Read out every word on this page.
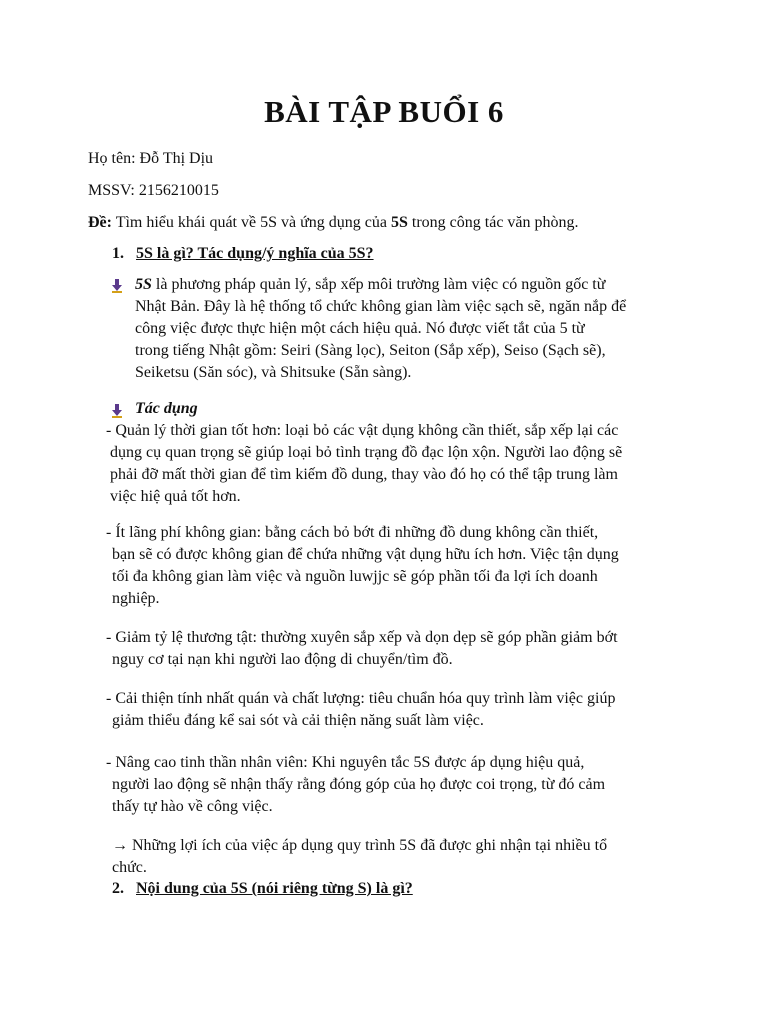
BÀI TẬP BUỔI 6
Họ tên: Đỗ Thị Dịu
MSSV: 2156210015
Đề: Tìm hiểu khái quát về 5S và ứng dụng của 5S trong công tác văn phòng.
1. 5S là gì? Tác dụng/ý nghĩa của 5S?
5S là phương pháp quản lý, sắp xếp môi trường làm việc có nguồn gốc từ
Nhật Bản. Đây là hệ thống tổ chức không gian làm việc sạch sẽ, ngăn nắp để
công việc được thực hiện một cách hiệu quả. Nó được viết tắt của 5 từ
trong tiếng Nhật gồm: Seiri (Sàng lọc), Seiton (Sắp xếp), Seiso (Sạch sẽ),
Seiketsu (Săn sóc), và Shitsuke (Sẵn sàng).
Tác dụng
- Quản lý thời gian tốt hơn: loại bỏ các vật dụng không cần thiết, sắp xếp lại các
dụng cụ quan trọng sẽ giúp loại bỏ tình trạng đồ đạc lộn xộn. Người lao động sẽ
phải đỡ mất thời gian để tìm kiếm đồ dung, thay vào đó họ có thể tập trung làm
việc hiệ quả tốt hơn.
- Ít lãng phí không gian: bằng cách bỏ bớt đi những đồ dung không cần thiết,
bạn sẽ có được không gian để chứa những vật dụng hữu ích hơn. Việc tận dụng
tối đa không gian làm việc và nguồn luwjjc sẽ góp phần tối đa lợi ích doanh
nghiệp.
- Giảm tỷ lệ thương tật: thường xuyên sắp xếp và dọn dẹp sẽ góp phần giảm bớt
nguy cơ tại nạn khi người lao động di chuyển/tìm đồ.
- Cải thiện tính nhất quán và chất lượng: tiêu chuẩn hóa quy trình làm việc giúp
giảm thiểu đáng kể sai sót và cải thiện năng suất làm việc.
- Nâng cao tinh thần nhân viên: Khi nguyên tắc 5S được áp dụng hiệu quả,
người lao động sẽ nhận thấy rằng đóng góp của họ được coi trọng, từ đó cảm
thấy tự hào về công việc.
→ Những lợi ích của việc áp dụng quy trình 5S đã được ghi nhận tại nhiều tổ
chức.
2. Nội dung của 5S (nói riêng từng S) là gì?
